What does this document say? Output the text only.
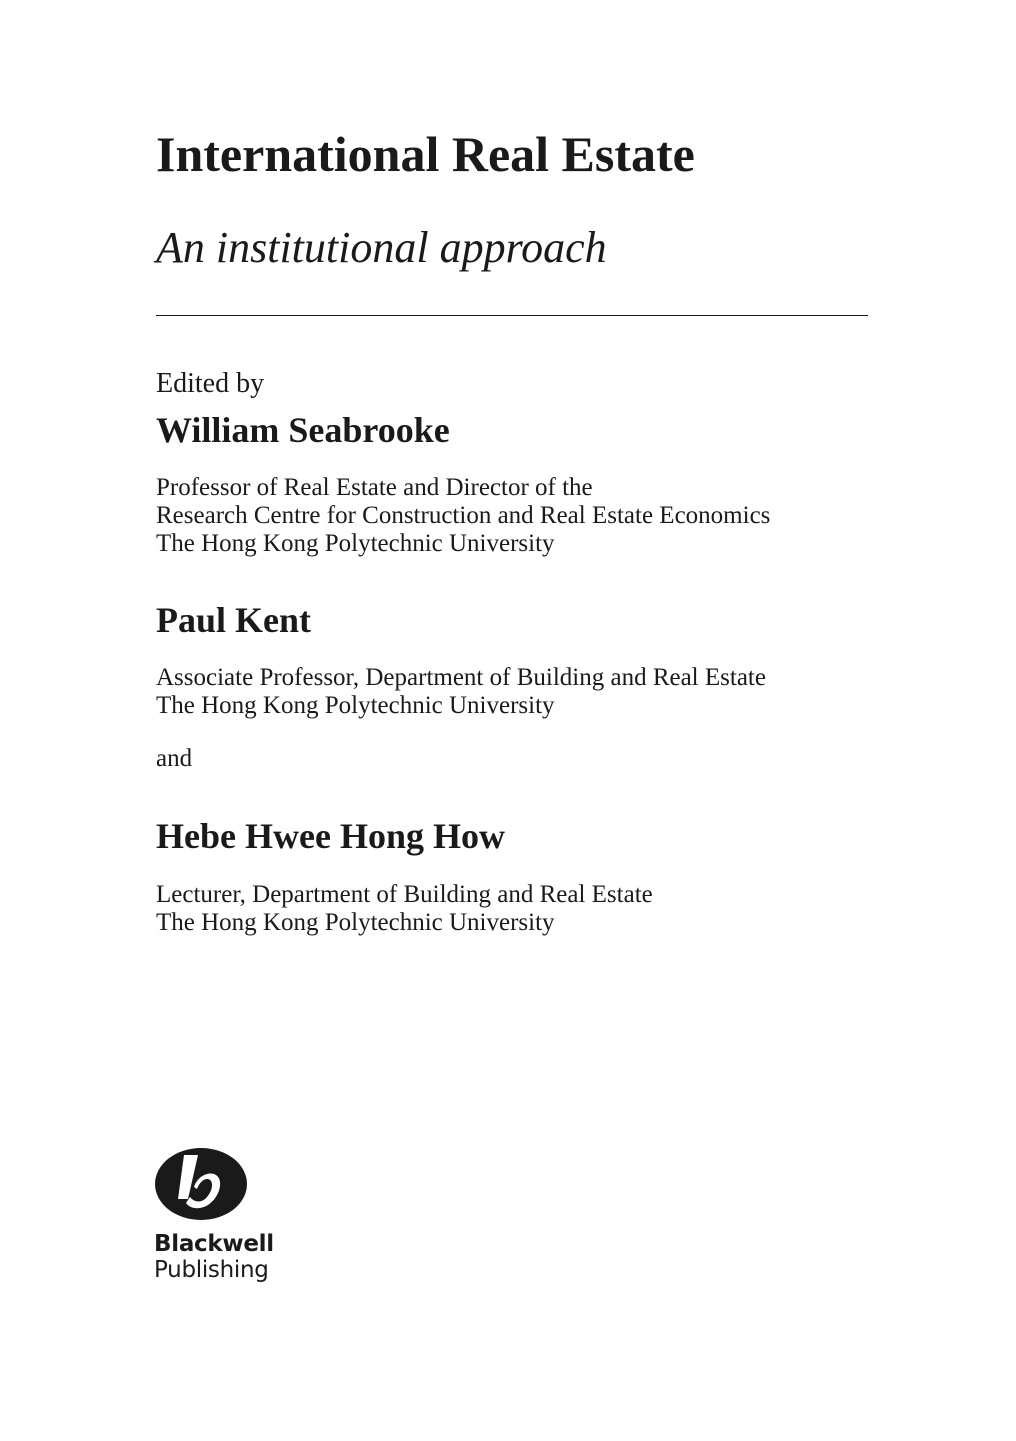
International Real Estate
An institutional approach
Edited by
William Seabrooke
Professor of Real Estate and Director of the
Research Centre for Construction and Real Estate Economics
The Hong Kong Polytechnic University
Paul Kent
Associate Professor, Department of Building and Real Estate
The Hong Kong Polytechnic University
and
Hebe Hwee Hong How
Lecturer, Department of Building and Real Estate
The Hong Kong Polytechnic University
Blackwell
Publishing
